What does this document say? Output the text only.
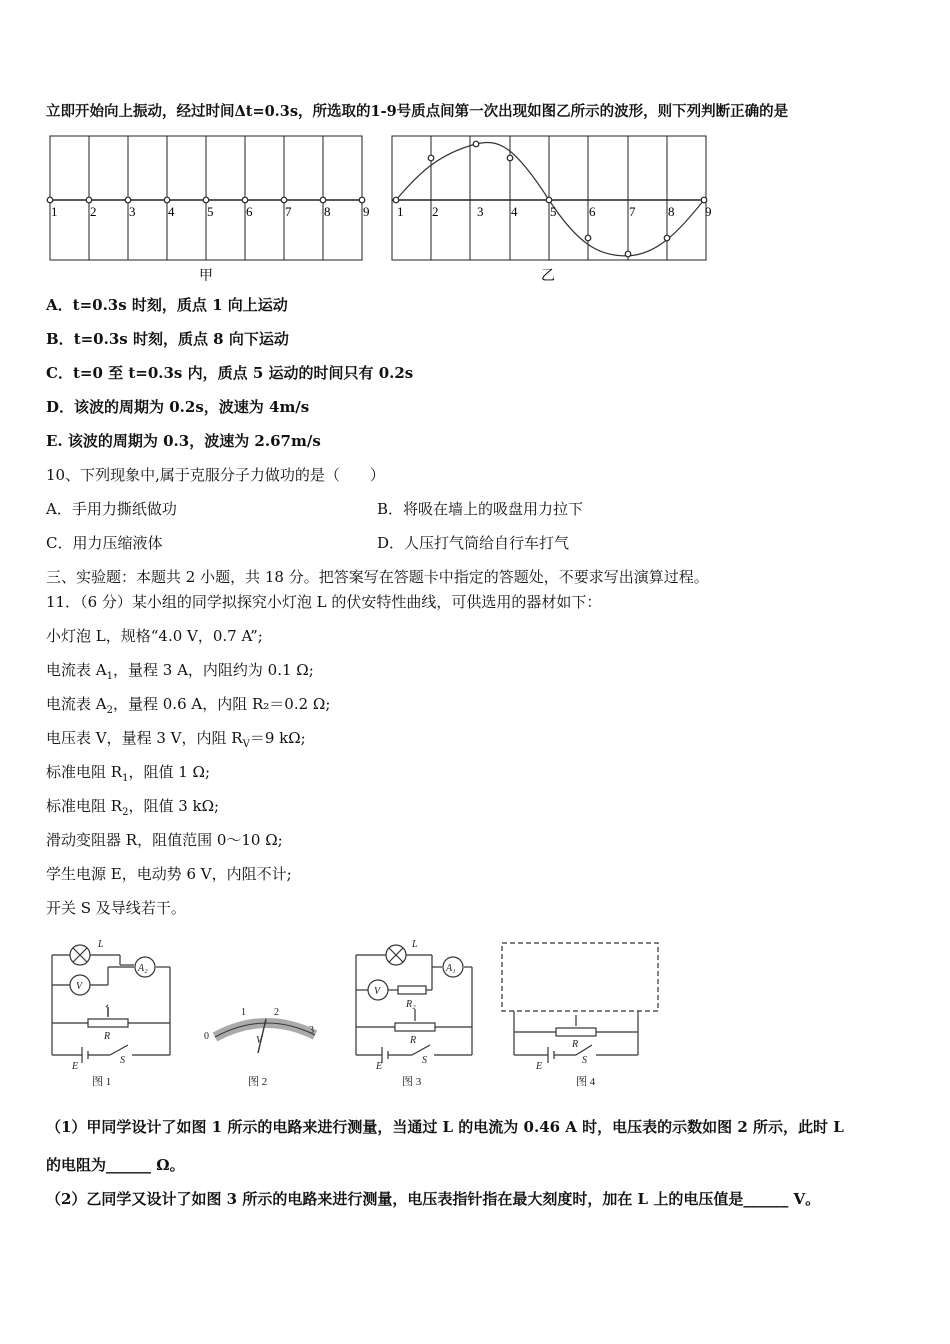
立即开始向上振动，经过时间Δt=0.3s，所选取的1-9号质点间第一次出现如图乙所示的波形，则下列判断正确的是
1	2	3	4	5	6	7	8	9
甲
1 2	3 4	5	6	7	8 9
乙
A．t=0.3s 时刻，质点 1 向上运动
B．t=0.3s 时刻，质点 8 向下运动
C．t=0 至 t=0.3s 内，质点 5 运动的时间只有 0.2s
D．该波的周期为 0.2s，波速为 4m/s
E. 该波的周期为 0.3，波速为 2.67m/s
10、下列现象中,属于克服分子力做功的是（　　）
A．手用力撕纸做功	B．将吸在墙上的吸盘用力拉下
C．用力压缩液体	D．人压打气筒给自行车打气
三、实验题：本题共 2 小题，共 18 分。把答案写在答题卡中指定的答题处，不要求写出演算过程。
11．（6 分）某小组的同学拟探究小灯泡 L 的伏安特性曲线，可供选用的器材如下：
小灯泡 L，规格“4.0 V，0.7 A”;
电流表 $A_1$，量程 3 A，内阻约为 0.1 Ω;
电流表 $A_2$，量程 0.6 A，内阻 R₂＝0.2 Ω;
电压表 V，量程 3 V，内阻 $R_V=9$ kΩ;
标准电阻 $R_1$，阻值 1 Ω;
标准电阻 $R_2$，阻值 3 kΩ;
滑动变阻器 R，阻值范围 0～10 Ω;
学生电源 E，电动势 6 V，内阻不计;
开关 S 及导线若干。
L
V
A₂
R
E
S
0
1	2
3
V
L
V
R₂
A₁
R
E
S
R
E
S
图 1	图 2	图 3	图 4
（1）甲同学设计了如图 1 所示的电路来进行测量，当通过 L 的电流为 0.46 A 时，电压表的示数如图 2 所示，此时 L
的电阻为______ Ω。
（2）乙同学又设计了如图 3 所示的电路来进行测量，电压表指针指在最大刻度时，加在 L 上的电压值是______ V。
